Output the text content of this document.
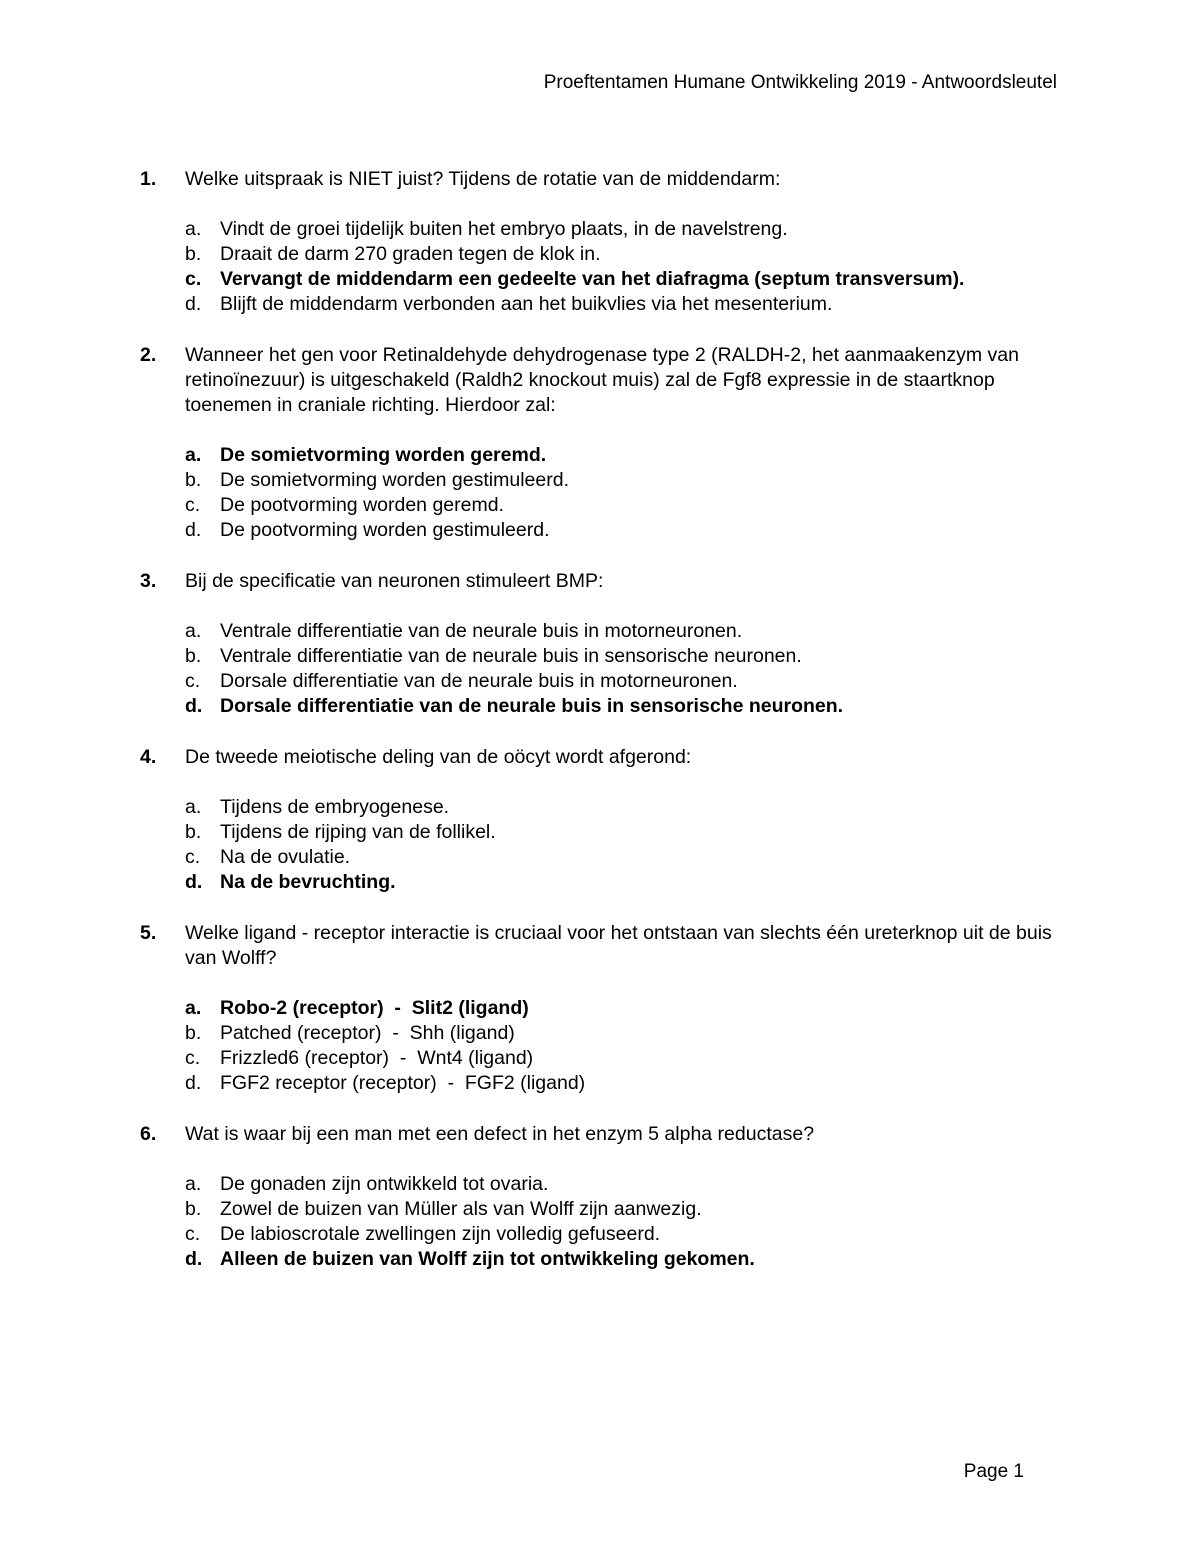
Proeftentamen Humane Ontwikkeling 2019 - Antwoordsleutel
1.	Welke uitspraak is NIET juist? Tijdens de rotatie van de middendarm:
a. Vindt de groei tijdelijk buiten het embryo plaats, in de navelstreng.
b. Draait de darm 270 graden tegen de klok in.
c. Vervangt de middendarm een gedeelte van het diafragma (septum transversum).
d. Blijft de middendarm verbonden aan het buikvlies via het mesenterium.
2.	Wanneer het gen voor Retinaldehyde dehydrogenase type 2 (RALDH-2, het aanmaakenzym van retinoïnezuur) is uitgeschakeld (Raldh2 knockout muis) zal de Fgf8 expressie in de staartknop toenemen in craniale richting. Hierdoor zal:
a. De somietvorming worden geremd.
b. De somietvorming worden gestimuleerd.
c.	De pootvorming worden geremd.
d. De pootvorming worden gestimuleerd.
3.	Bij de specificatie van neuronen stimuleert BMP:
a. Ventrale differentiatie van de neurale buis in motorneuronen.
b. Ventrale differentiatie van de neurale buis in sensorische neuronen.
c.	Dorsale differentiatie van de neurale buis in motorneuronen.
d. Dorsale differentiatie van de neurale buis in sensorische neuronen.
4.	De tweede meiotische deling van de oöcyt wordt afgerond:
a. Tijdens de embryogenese.
b. Tijdens de rijping van de follikel.
c.	Na de ovulatie.
d. Na de bevruchting.
5.	Welke ligand - receptor interactie is cruciaal voor het ontstaan van slechts één ureterknop uit de buis van Wolff?
a. Robo-2 (receptor)  -  Slit2 (ligand)
b. Patched (receptor)  -  Shh (ligand)
c.	Frizzled6 (receptor)  -  Wnt4 (ligand)
d. FGF2 receptor (receptor)  -  FGF2 (ligand)
6.	Wat is waar bij een man met een defect in het enzym 5 alpha reductase?
a. De gonaden zijn ontwikkeld tot ovaria.
b. Zowel de buizen van Müller als van Wolff zijn aanwezig.
c.	De labioscrotale zwellingen zijn volledig gefuseerd.
d. Alleen de buizen van Wolff zijn tot ontwikkeling gekomen.
Page 1
